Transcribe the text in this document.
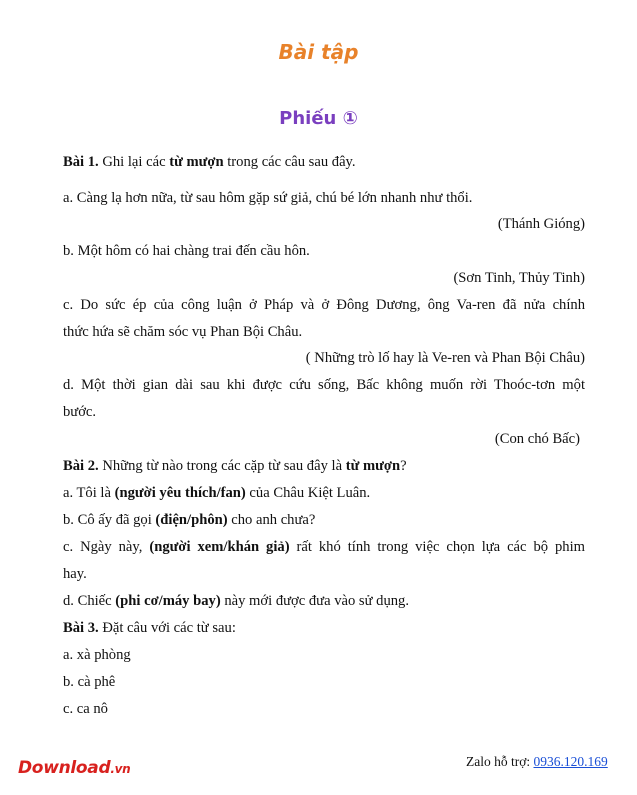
Bài tập
Phiếu ①
Bài 1. Ghi lại các từ mượn trong các câu sau đây.
a. Càng lạ hơn nữa, từ sau hôm gặp sứ giả, chú bé lớn nhanh như thổi.
(Thánh Gióng)
b. Một hôm có hai chàng trai đến cầu hôn.
(Sơn Tinh, Thủy Tinh)
c. Do sức ép của công luận ở Pháp và ở Đông Dương, ông Va-ren đã nửa chính
thức hứa sẽ chăm sóc vụ Phan Bội Châu.
( Những trò lố hay là Ve-ren và Phan Bội Châu)
d. Một thời gian dài sau khi được cứu sống, Bấc không muốn rời Thoóc-tơn một
bước.
(Con chó Bấc)
Bài 2. Những từ nào trong các cặp từ sau đây là từ mượn?
a. Tôi là (người yêu thích/fan) của Châu Kiệt Luân.
b. Cô ấy đã gọi (điện/phôn) cho anh chưa?
c. Ngày này, (người xem/khán giả) rất khó tính trong việc chọn lựa các bộ phim
hay.
d. Chiếc (phi cơ/máy bay) này mới được đưa vào sử dụng.
Bài 3. Đặt câu với các từ sau:
a. xà phòng
b. cà phê
c. ca nô
Download.vn	Zalo hỗ trợ: 0936.120.169
